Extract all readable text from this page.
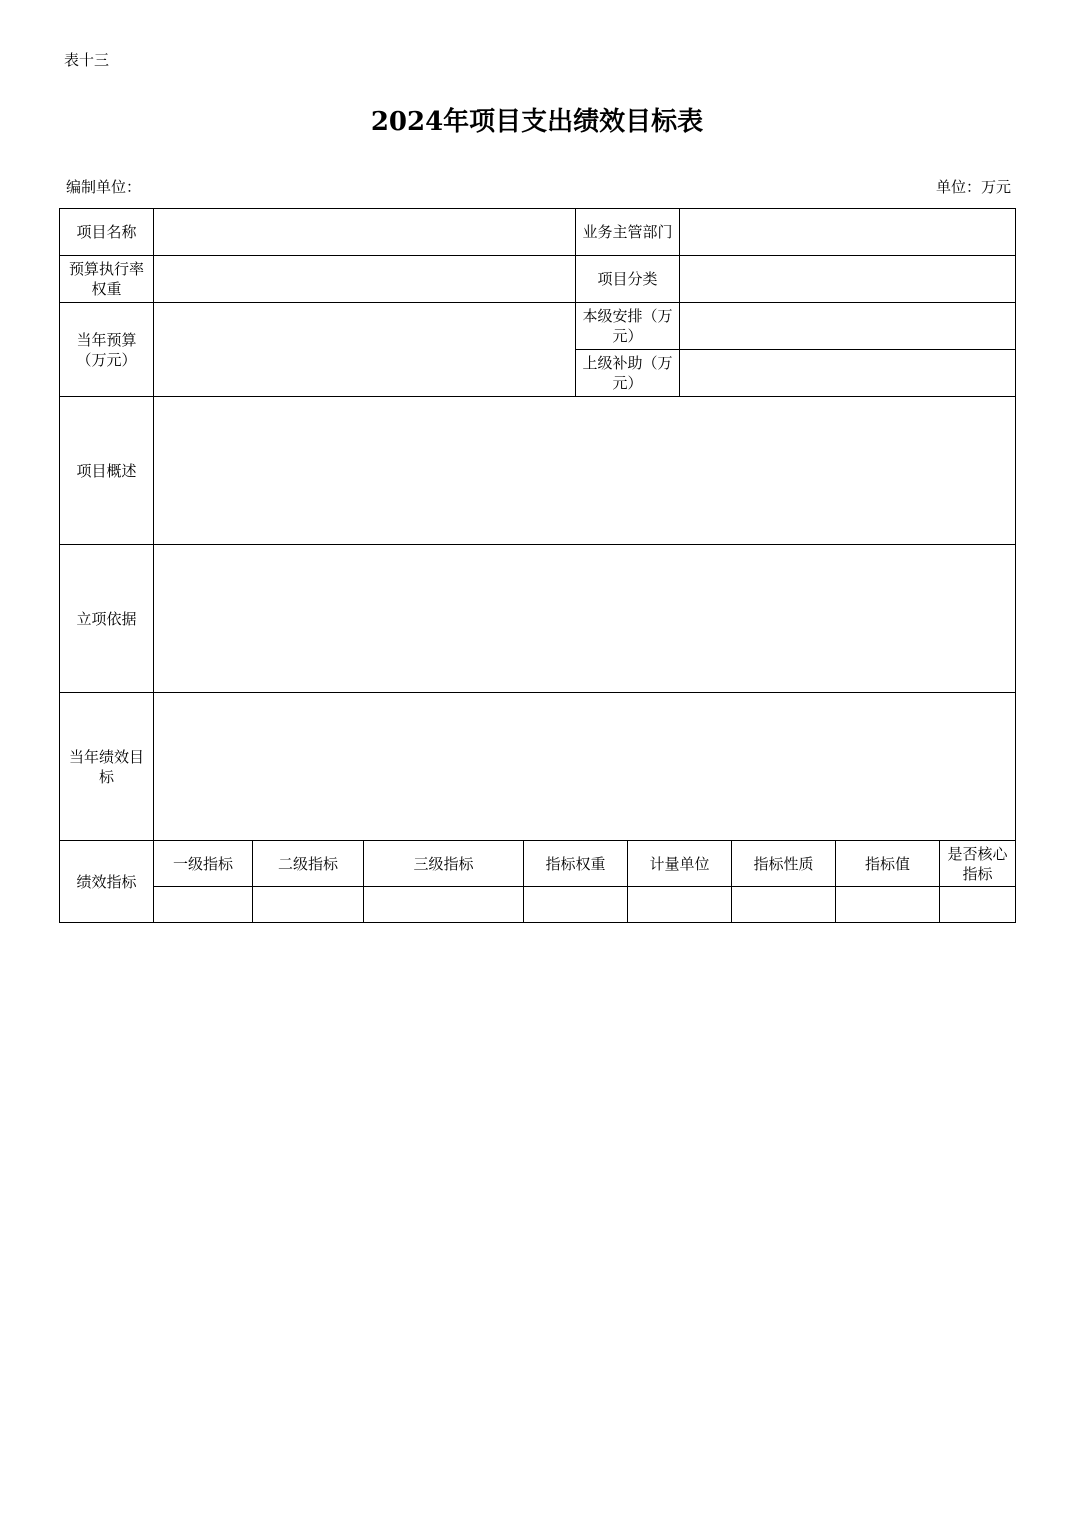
表十三
2024年项目支出绩效目标表
编制单位：	单位：万元
项目名称					业务主管部门					
预算执行率权重					项目分类					
当年预算（万元）					本级安排（万元）					
					上级补助（万元）					
项目概述										
立项依据										
当年绩效目标										
绩效指标	一级指标	二级指标	三级指标	指标权重		计量单位		指标性质	指标值	是否核心指标
